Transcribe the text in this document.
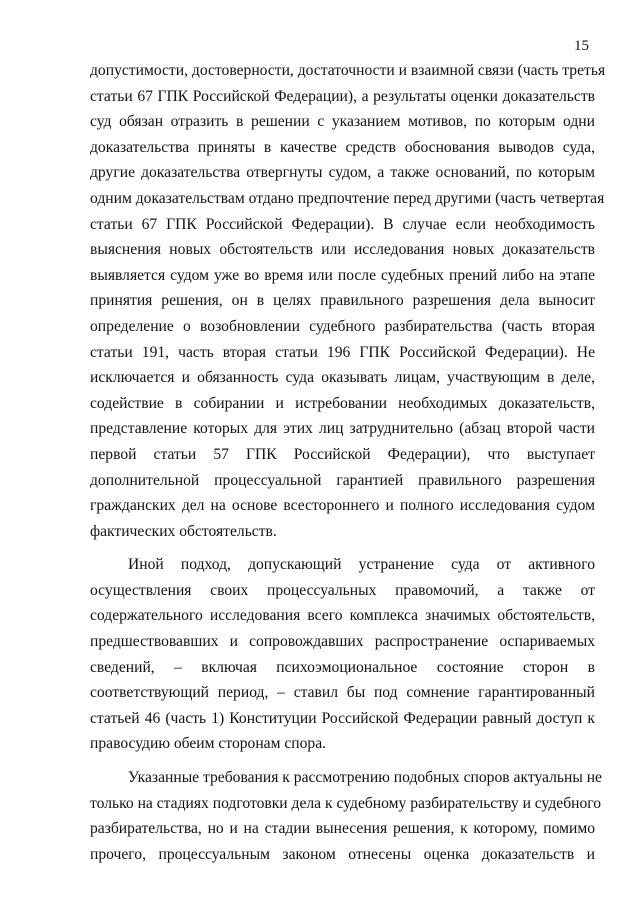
15
допустимости, достоверности, достаточности и взаимной связи (часть третья
статьи 67 ГПК Российской Федерации), а результаты оценки доказательств
суд обязан отразить в решении с указанием мотивов, по которым одни
доказательства приняты в качестве средств обоснования выводов суда,
другие доказательства отвергнуты судом, а также оснований, по которым
одним доказательствам отдано предпочтение перед другими (часть четвертая
статьи 67 ГПК Российской Федерации). В случае если необходимость
выяснения новых обстоятельств или исследования новых доказательств
выявляется судом уже во время или после судебных прений либо на этапе
принятия решения, он в целях правильного разрешения дела выносит
определение о возобновлении судебного разбирательства (часть вторая
статьи 191, часть вторая статьи 196 ГПК Российской Федерации). Не
исключается и обязанность суда оказывать лицам, участвующим в деле,
содействие в собирании и истребовании необходимых доказательств,
представление которых для этих лиц затруднительно (абзац второй части
первой статьи 57 ГПК Российской Федерации), что выступает
дополнительной процессуальной гарантией правильного разрешения
гражданских дел на основе всестороннего и полного исследования судом
фактических обстоятельств.
Иной подход, допускающий устранение суда от активного
осуществления своих процессуальных правомочий, а также от
содержательного исследования всего комплекса значимых обстоятельств,
предшествовавших и сопровождавших распространение оспариваемых
сведений, – включая психоэмоциональное состояние сторон в
соответствующий период, – ставил бы под сомнение гарантированный
статьей 46 (часть 1) Конституции Российской Федерации равный доступ к
правосудию обеим сторонам спора.
Указанные требования к рассмотрению подобных споров актуальны не
только на стадиях подготовки дела к судебному разбирательству и судебного
разбирательства, но и на стадии вынесения решения, к которому, помимо
прочего, процессуальным законом отнесены оценка доказательств и
